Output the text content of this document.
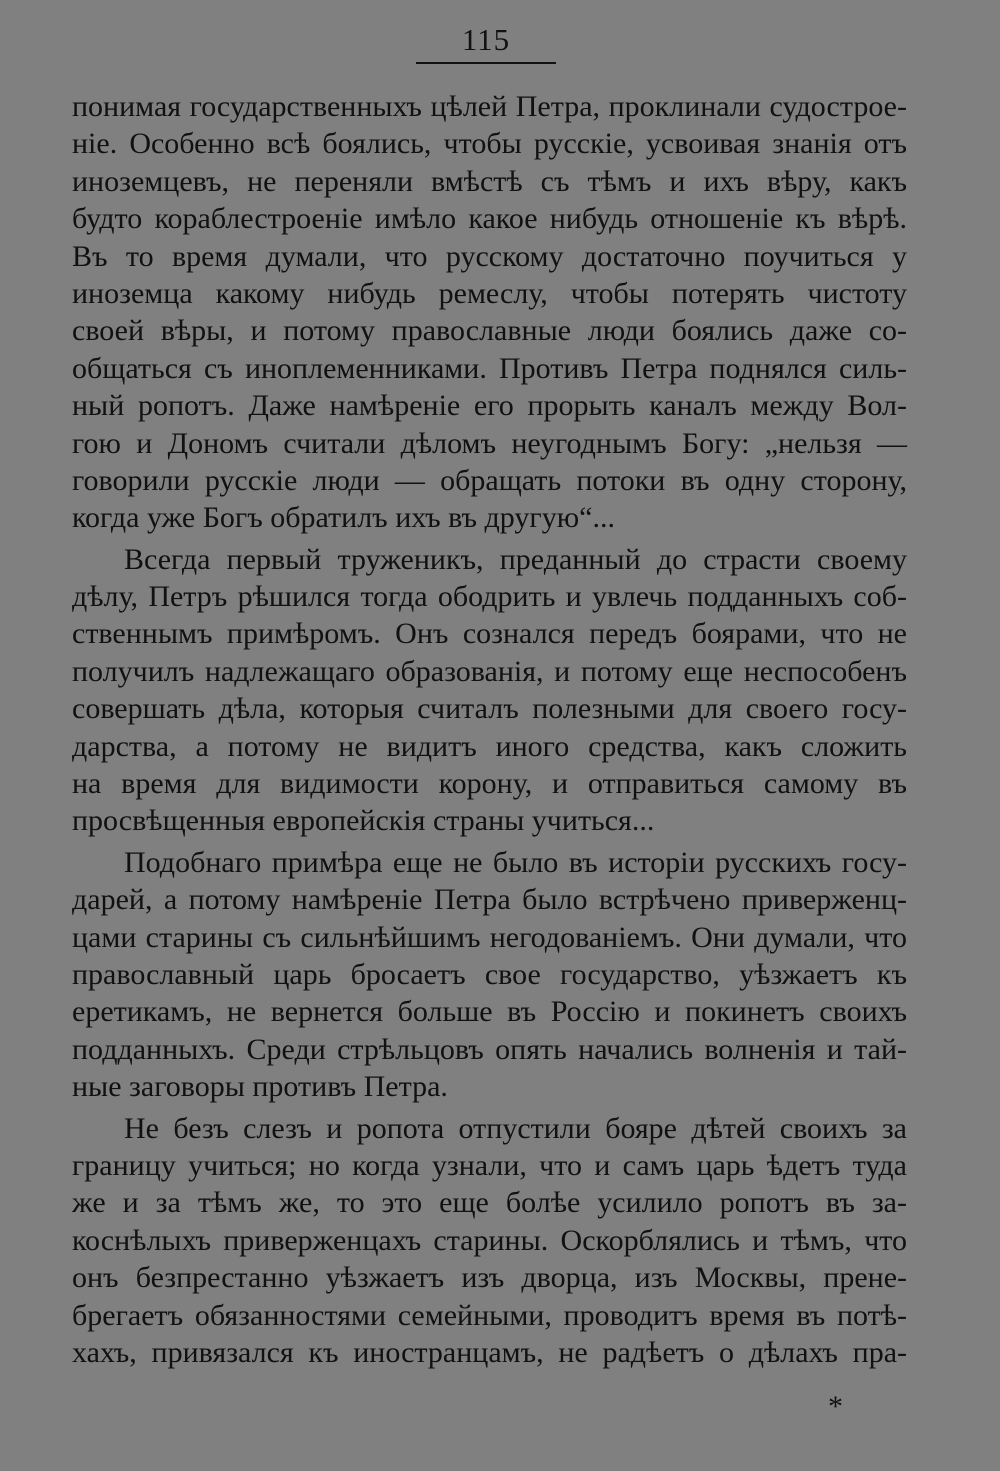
115
понимая государственныхъ цѣлей Петра, проклинали судострое-
ніе. Особенно всѣ боялись, чтобы русскіе, усвоивая знанія отъ
иноземцевъ, не переняли вмѣстѣ съ тѣмъ и ихъ вѣру, какъ
будто кораблестроеніе имѣло какое нибудь отношеніе къ вѣрѣ.
Въ то время думали, что русскому достаточно поучиться у
иноземца какому нибудь ремеслу, чтобы потерять чистоту
своей вѣры, и потому православные люди боялись даже со-
общаться съ иноплеменниками. Противъ Петра поднялся силь-
ный ропотъ. Даже намѣреніе его прорыть каналъ между Вол-
гою и Дономъ считали дѣломъ неугоднымъ Богу: „нельзя —
говорили русскіе люди — обращать потоки въ одну сторону,
когда уже Богъ обратилъ ихъ въ другую“...
Всегда первый труженикъ, преданный до страсти своему
дѣлу, Петръ рѣшился тогда ободрить и увлечь подданныхъ соб-
ственнымъ примѣромъ. Онъ сознался передъ боярами, что не
получилъ надлежащаго образованія, и потому еще неспособенъ
совершать дѣла, которыя считалъ полезными для своего госу-
дарства, а потому не видитъ иного средства, какъ сложить
на время для видимости корону, и отправиться самому въ
просвѣщенныя европейскія страны учиться...
Подобнаго примѣра еще не было въ исторіи русскихъ госу-
дарей, а потому намѣреніе Петра было встрѣчено приверженц-
цами старины съ сильнѣйшимъ негодованіемъ. Они думали, что
православный царь бросаетъ свое государство, уѣзжаетъ къ
еретикамъ, не вернется больше въ Россію и покинетъ своихъ
подданныхъ. Среди стрѣльцовъ опять начались волненія и тай-
ные заговоры противъ Петра.
Не безъ слезъ и ропота отпустили бояре дѣтей своихъ за
границу учиться; но когда узнали, что и самъ царь ѣдетъ туда
же и за тѣмъ же, то это еще болѣе усилило ропотъ въ за-
коснѣлыхъ приверженцахъ старины. Оскорблялись и тѣмъ, что
онъ безпрестанно уѣзжаетъ изъ дворца, изъ Москвы, прене-
брегаетъ обязанностями семейными, проводитъ время въ потѣ-
хахъ, привязался къ иностранцамъ, не радѣетъ о дѣлахъ пра-
*
